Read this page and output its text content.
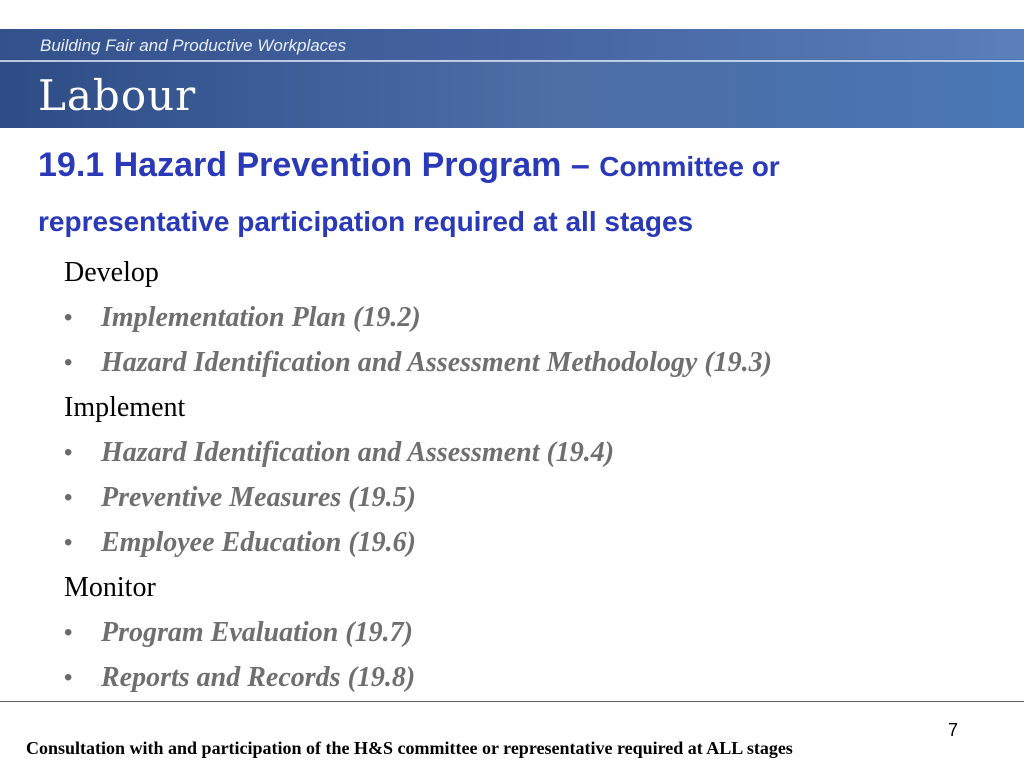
Building Fair and Productive Workplaces
Labour
19.1 Hazard Prevention Program – Committee or
representative participation required at all stages
Develop
• Implementation Plan (19.2)
• Hazard Identification and Assessment Methodology (19.3)
Implement
• Hazard Identification and Assessment (19.4)
• Preventive Measures (19.5)
• Employee Education (19.6)
Monitor
• Program Evaluation (19.7)
• Reports and Records (19.8)
7
Consultation with and participation of the H&S committee or representative required at ALL stages
